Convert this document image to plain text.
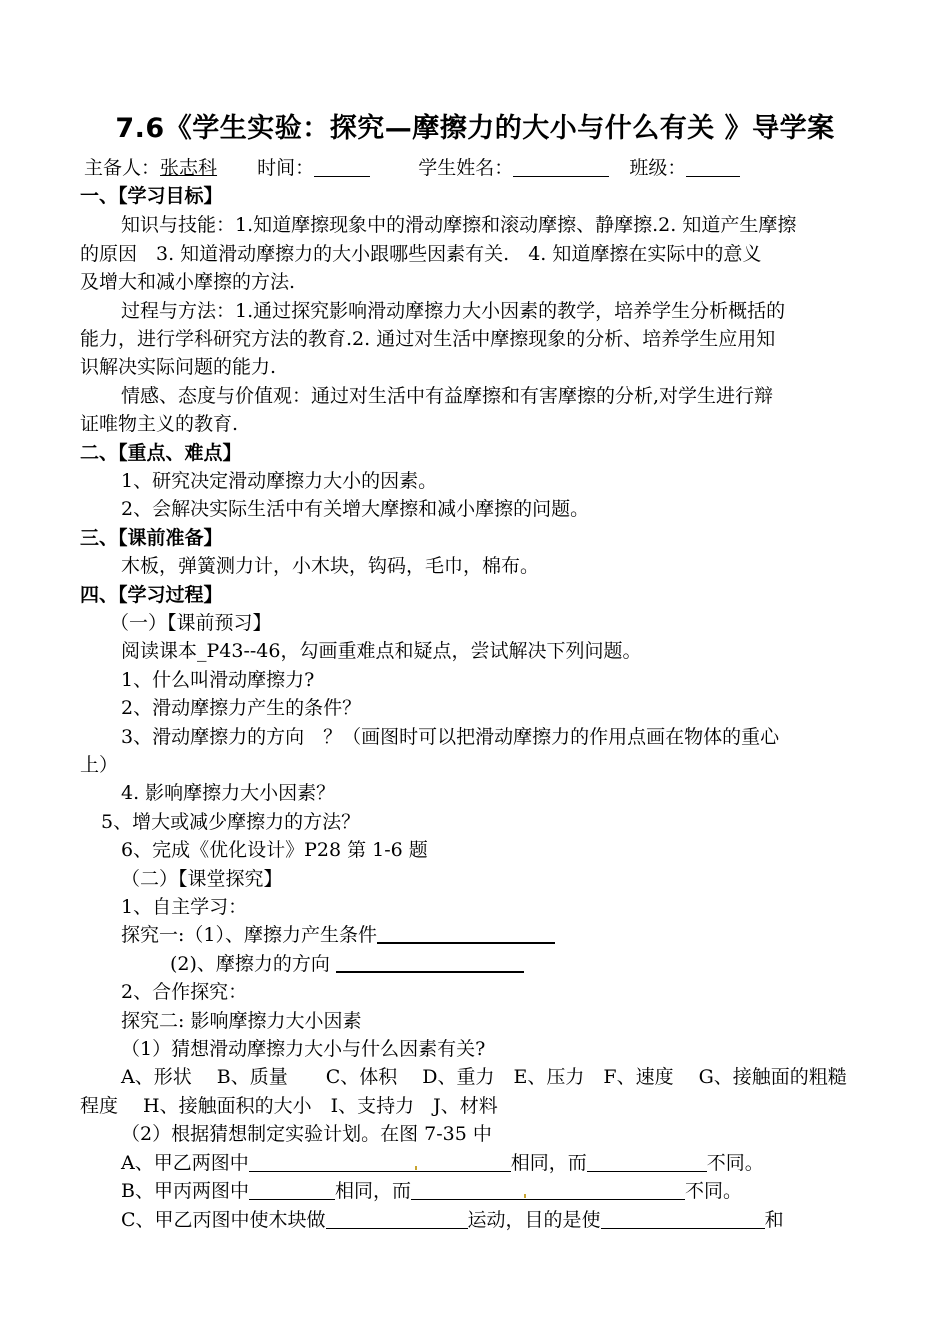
7.6《学生实验：探究—摩擦力的大小与什么有关 》导学案
主备人：张志科 时间：	学生姓名：	班级：
一、【学习目标】
知识与技能：1.知道摩擦现象中的滑动摩擦和滚动摩擦、静摩擦.2. 知道产生摩擦
的原因　3. 知道滑动摩擦力的大小跟哪些因素有关.　4. 知道摩擦在实际中的意义
及增大和减小摩擦的方法.
过程与方法：1.通过探究影响滑动摩擦力大小因素的教学，培养学生分析概括的
能力，进行学科研究方法的教育.2. 通过对生活中摩擦现象的分析、培养学生应用知
识解决实际问题的能力.
情感、态度与价值观：通过对生活中有益摩擦和有害摩擦的分析,对学生进行辩
证唯物主义的教育.
二、【重点、难点】
1、研究决定滑动摩擦力大小的因素。
2、会解决实际生活中有关增大摩擦和减小摩擦的问题。
三、【课前准备】
木板，弹簧测力计，小木块，钩码，毛巾，棉布。
四、【学习过程】
（一）【课前预习】
阅读课本_P43--46，勾画重难点和疑点，尝试解决下列问题。
1、什么叫滑动摩擦力?
2、滑动摩擦力产生的条件？
3、滑动摩擦力的方向　？（画图时可以把滑动摩擦力的作用点画在物体的重心
上）
4. 影响摩擦力大小因素？
5、增大或减少摩擦力的方法？
6、完成《优化设计》P28 第 1-6 题
（二）【课堂探究】
1、自主学习：
探究一:（1）、摩擦力产生条件
(2)、摩擦力的方向
2、合作探究：
探究二: 影响摩擦力大小因素
（1）猜想滑动摩擦力大小与什么因素有关?
A、形状　 B、质量　　C、体积　 D、重力　E、压力　F、速度　 G、接触面的粗糙
程度　 H、接触面积的大小　I、支持力　J、材料
（2）根据猜想制定实验计划。在图 7-35 中
A、甲乙两图中	相同，而	不同。
B、甲丙两图中	相同，而	不同。
C、甲乙丙图中使木块做	运动，目的是使	和
